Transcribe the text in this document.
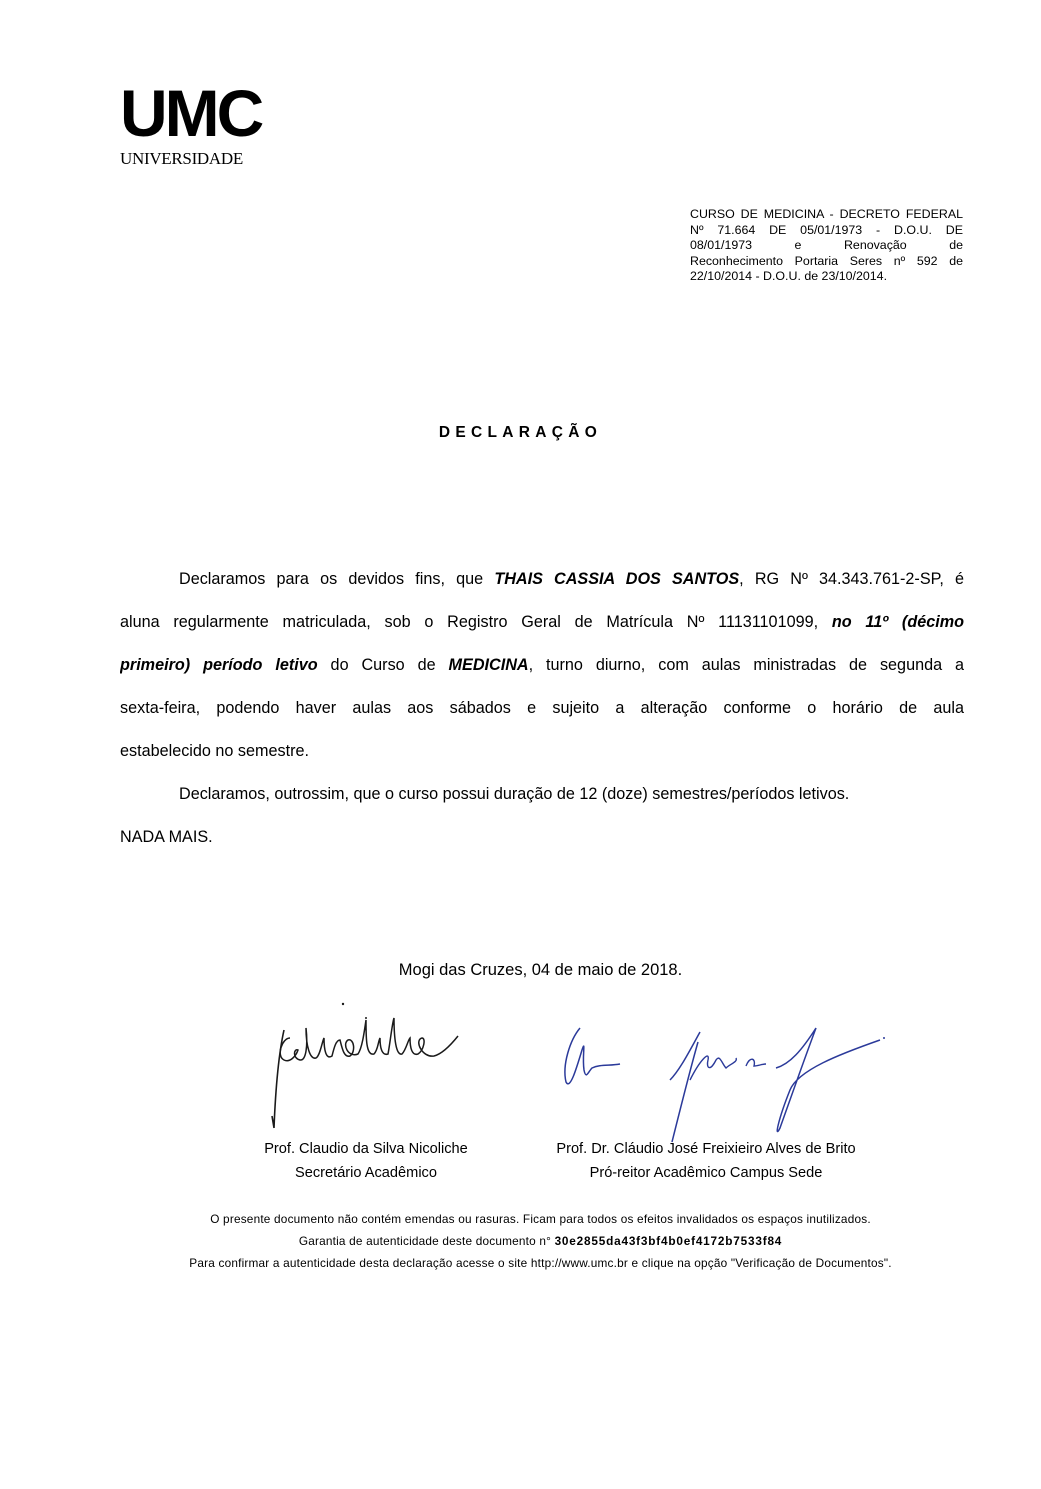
UMC
UNIVERSIDADE
CURSO DE MEDICINA - DECRETO FEDERAL
Nº 71.664 DE 05/01/1973 - D.O.U. DE
08/01/1973 e Renovação de
Reconhecimento Portaria Seres nº 592 de
22/10/2014 - D.O.U. de 23/10/2014.
DECLARAÇÃO
Declaramos para os devidos fins, que THAIS CASSIA DOS SANTOS, RG Nº 34.343.761-2-SP, é
aluna regularmente matriculada, sob o Registro Geral de Matrícula Nº 11131101099, no 11º (décimo
primeiro) período letivo do Curso de MEDICINA, turno diurno, com aulas ministradas de segunda a
sexta-feira, podendo haver aulas aos sábados e sujeito a alteração conforme o horário de aula
estabelecido no semestre.
Declaramos, outrossim, que o curso possui duração de 12 (doze) semestres/períodos letivos.
NADA MAIS.
Mogi das Cruzes, 04 de maio de 2018.
Prof. Claudio da Silva Nicoliche
Secretário Acadêmico
Prof. Dr. Cláudio José Freixieiro Alves de Brito
Pró-reitor Acadêmico Campus Sede
O presente documento não contém emendas ou rasuras. Ficam para todos os efeitos invalidados os espaços inutilizados.
Garantia de autenticidade deste documento n° 30e2855da43f3bf4b0ef4172b7533f84
Para confirmar a autenticidade desta declaração acesse o site http://www.umc.br e clique na opção "Verificação de Documentos".
